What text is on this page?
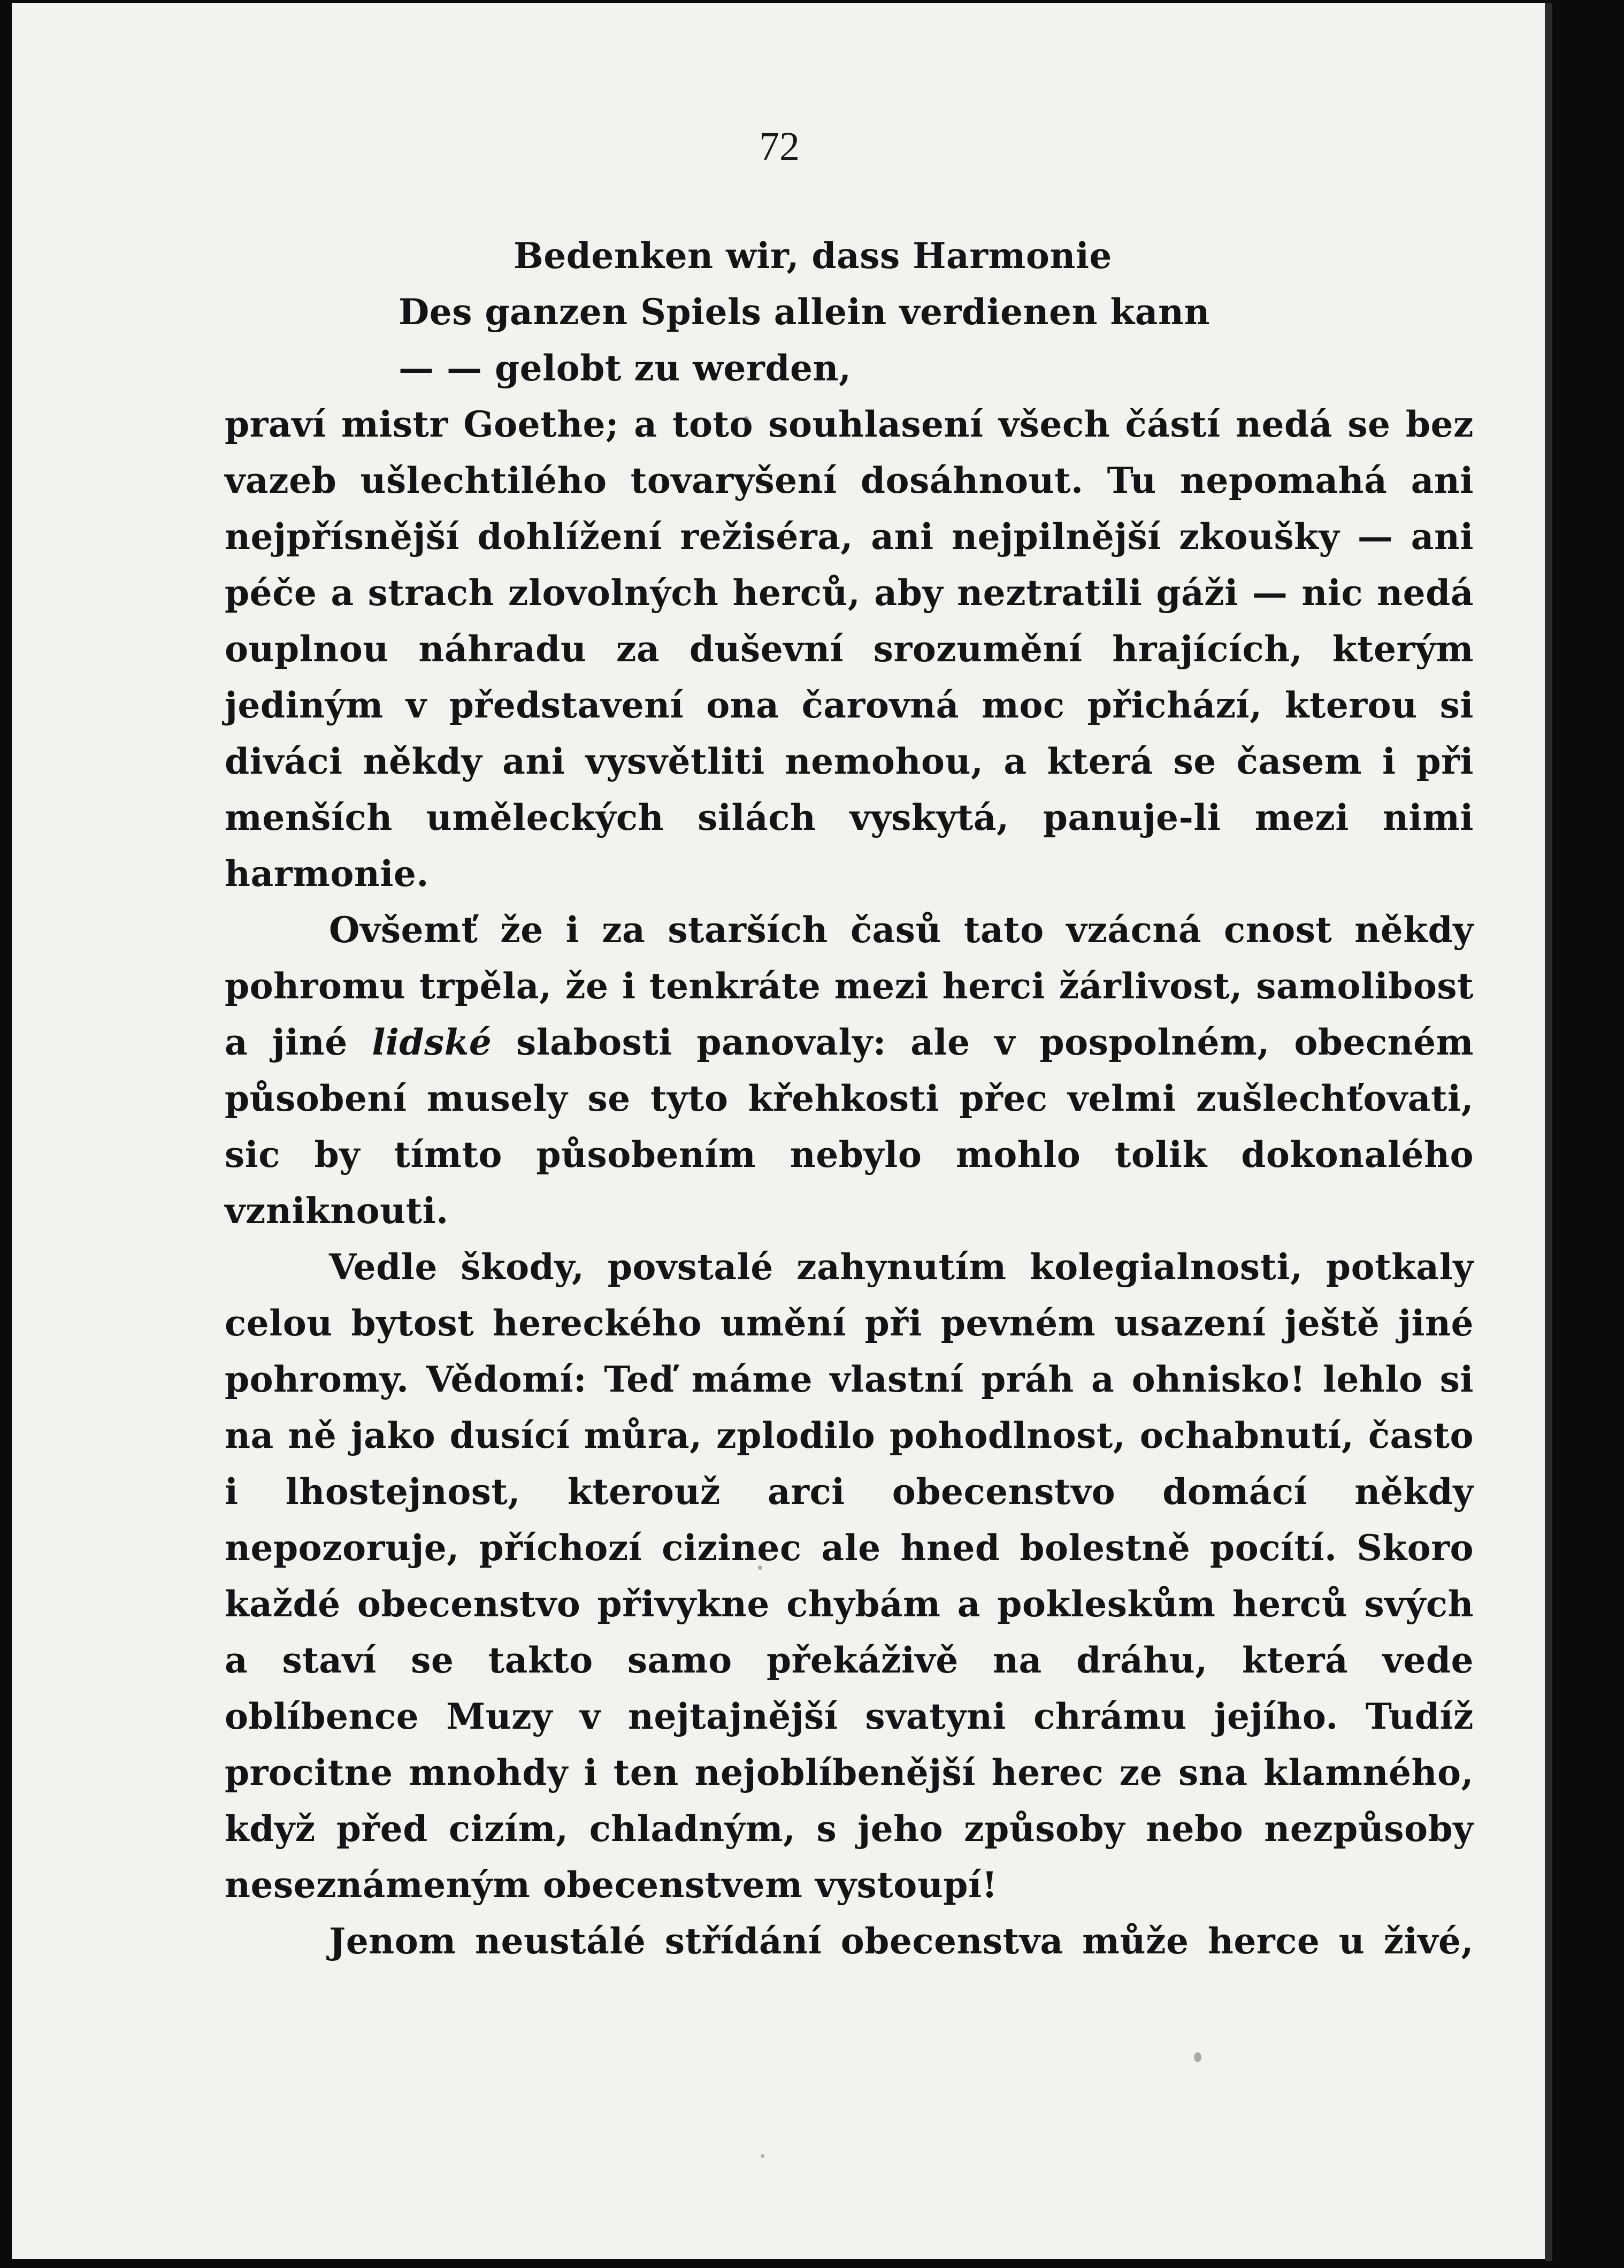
72
Bedenken wir, dass Harmonie
Des ganzen Spiels allein verdienen kann
— — gelobt zu werden,

praví mistr Goethe; a toto souhlasení všech částí nedá se bez vazeb ušlechtilého tovaryšení dosáhnout. Tu nepomahá ani nejpřísnější dohlížení režiséra, ani nejpilnější zkoušky — ani péče a strach zlovolných herců, aby neztratili gáži — nic nedá ouplnou náhradu za duševní srozumění hrajících, kterým jediným v představení ona čarovná moc přichází, kterou si diváci někdy ani vysvětliti nemohou, a která se časem i při menších uměleckých silách vyskytá, panuje-li mezi nimi harmonie.

Ovšemť že i za starších časů tato vzácná cnost někdy pohromu trpěla, že i tenkráte mezi herci žárlivost, samolibost a jiné lidské slabosti panovaly: ale v pospolném, obecném působení musely se tyto křehkosti přec velmi zušlechťovati, sic by tímto působením nebylo mohlo tolik dokonalého vzniknouti.

Vedle škody, povstalé zahynutím kolegialnosti, potkaly celou bytost hereckého umění při pevném usazení ještě jiné pohromy. Vědomí: Teď máme vlastní práh a ohnisko! lehlo si na ně jako dusící můra, zplodilo pohodlnost, ochabnutí, často i lhostejnost, kterouž arci obecenstvo domácí někdy nepozoruje, příchozí cizinec ale hned bolestně pocítí. Skoro každé obecenstvo přivykne chybám a pokleskům herců svých a staví se takto samo překáživě na dráhu, která vede oblíbence Muzy v nejtajnější svatyni chrámu jejího. Tudíž procitne mnohdy i ten nejoblíbenější herec ze sna klamného, když před cizím, chladným, s jeho způsoby nebo nezpůsoby neseznámeným obecenstvem vystoupí!

Jenom neustálé střídání obecenstva může herce u živé,
